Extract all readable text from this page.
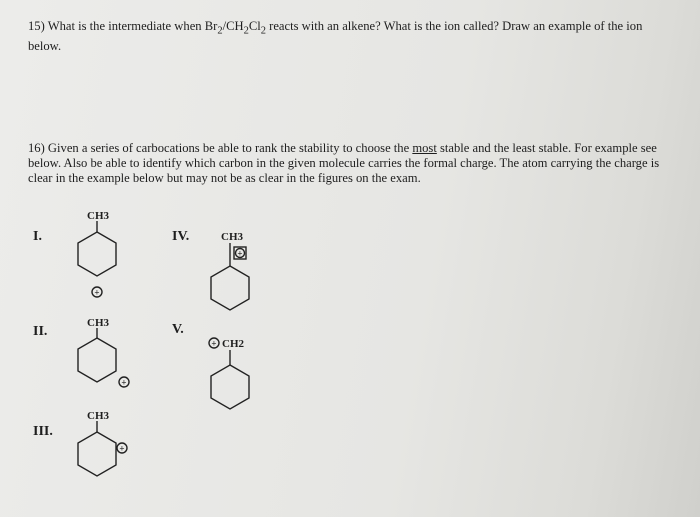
15) What is the intermediate when $Br_2/CH_2Cl_2$ reacts with an alkene? What is the ion called? Draw an example of the ion below.
16) Given a series of carbocations be able to rank the stability to choose the most stable and the least stable. For example see below. Also be able to identify which carbon in the given molecule carries the formal charge. The atom carrying the charge is clear in the example below but may not be as clear in the figures on the exam.
I.
II.
III.
IV.
V.
+
+
+
+
+
CH3
CH3
CH3
CH3
CH2
